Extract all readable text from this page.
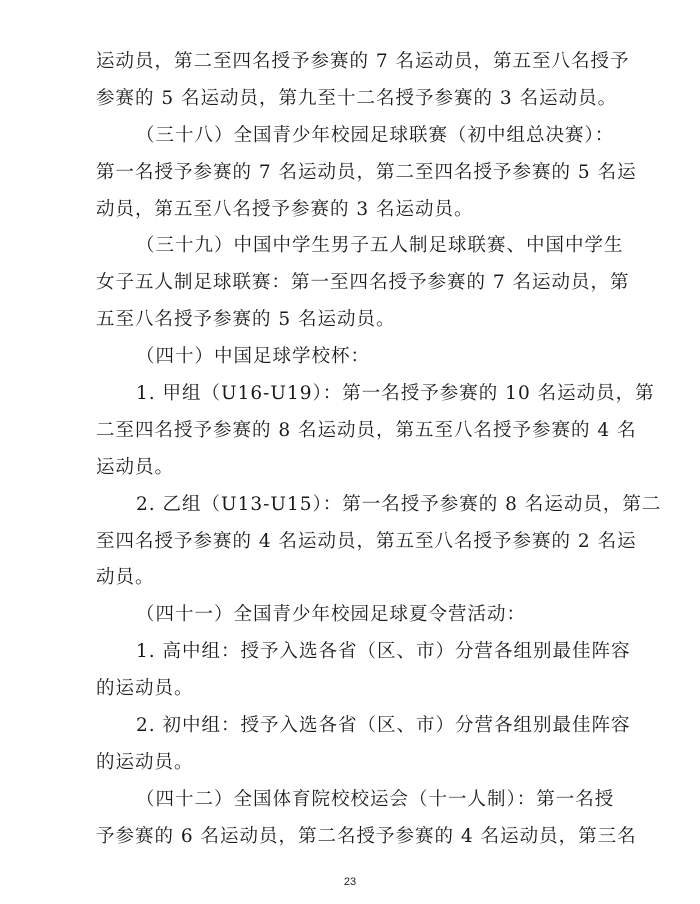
运动员，第二至四名授予参赛的 7 名运动员，第五至八名授予
参赛的 5 名运动员，第九至十二名授予参赛的 3 名运动员。
（三十八）全国青少年校园足球联赛（初中组总决赛）：
第一名授予参赛的 7 名运动员，第二至四名授予参赛的 5 名运
动员，第五至八名授予参赛的 3 名运动员。
（三十九）中国中学生男子五人制足球联赛、中国中学生
女子五人制足球联赛：第一至四名授予参赛的 7 名运动员，第
五至八名授予参赛的 5 名运动员。
（四十）中国足球学校杯：
1. 甲组（U16-U19）：第一名授予参赛的 10 名运动员，第
二至四名授予参赛的 8 名运动员，第五至八名授予参赛的 4 名
运动员。
2. 乙组（U13-U15）：第一名授予参赛的 8 名运动员，第二
至四名授予参赛的 4 名运动员，第五至八名授予参赛的 2 名运
动员。
（四十一）全国青少年校园足球夏令营活动：
1. 高中组：授予入选各省（区、市）分营各组别最佳阵容
的运动员。
2. 初中组：授予入选各省（区、市）分营各组别最佳阵容
的运动员。
（四十二）全国体育院校校运会（十一人制）：第一名授
予参赛的 6 名运动员，第二名授予参赛的 4 名运动员，第三名
23
